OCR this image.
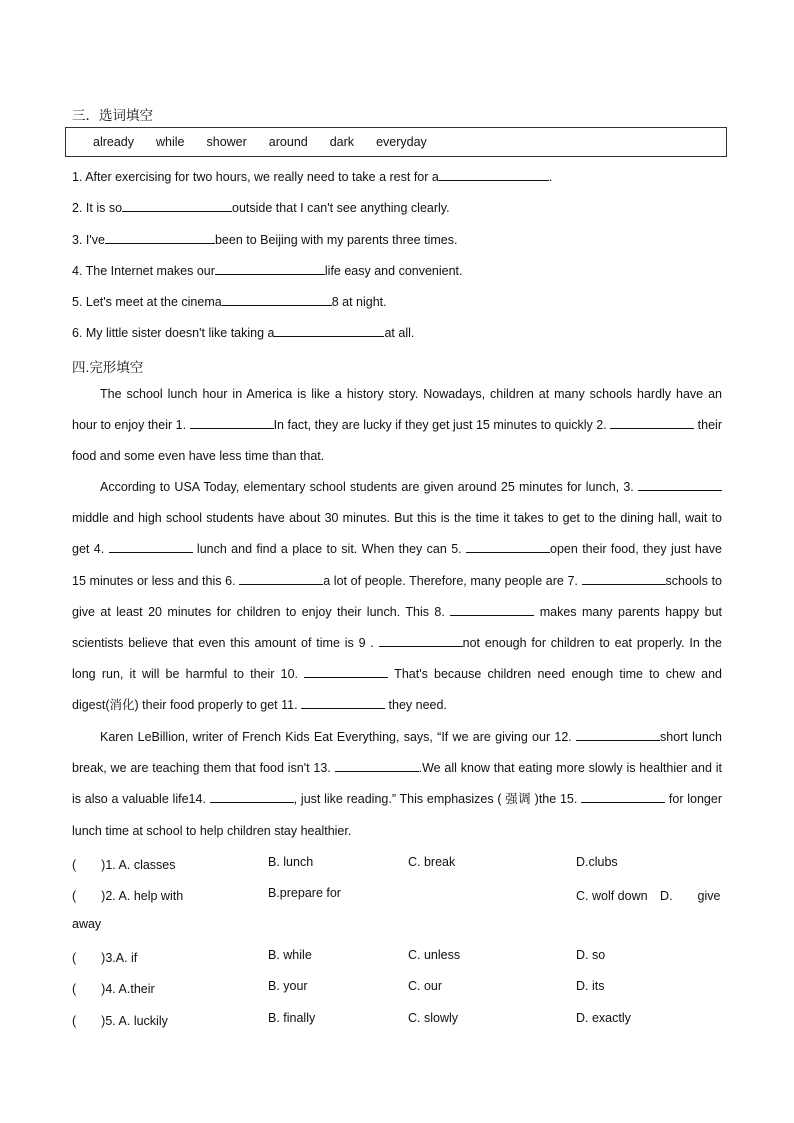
三．选词填空
already while shower around dark everyday
1. After exercising for two hours, we really need to take a rest for a	.
2. It is so	outside that I can't see anything clearly.
3. I've	been to Beijing with my parents three times.
4. The Internet makes our	life easy and convenient.
5. Let's meet at the cinema	8 at night.
6. My little sister doesn't like taking a	at all.
四.完形填空
The school lunch hour in America is like a history story. Nowadays, children at many schools hardly have an hour to enjoy their 1.	In fact, they are lucky if they get just 15 minutes to quickly 2.	their food and some even have less time than that.
According to USA Today, elementary school students are given around 25 minutes for lunch, 3.  middle and high school students have about 30 minutes. But this is the time it takes to get to the dining hall, wait to get 4.	lunch and find a place to sit. When they can 5.	open their food, they just have 15 minutes or less and this 6.	a lot of people. Therefore, many people are 7.	schools to give at least 20 minutes for children to enjoy their lunch. This 8.	makes many parents happy but scientists believe that even this amount of time is 9 .	not enough for children to eat properly. In the long run, it will be harmful to their 10.	That's because children need enough time to chew and digest(消化) their food properly to get 11.	they need.
Karen LeBillion, writer of French Kids Eat Everything, says, “If we are giving our 12.	short lunch break, we are teaching them that food isn't 13.	.We all know that eating more slowly is healthier and it is also a valuable life14.	, just like reading.” This emphasizes ( 强调 )the 15.	for longer lunch time at school to help children stay healthier.
(　　)1. A. classes	B. lunch	C. break	D.clubs
(　　)2. A. help with	B.prepare for	C. wolf down　D.　　give
away
(　　)3.A. if	B. while	C. unless	D. so
(　　)4. A.their	B. your	C. our	D. its
(　　)5. A. luckily	B. finally	C. slowly	D. exactly
